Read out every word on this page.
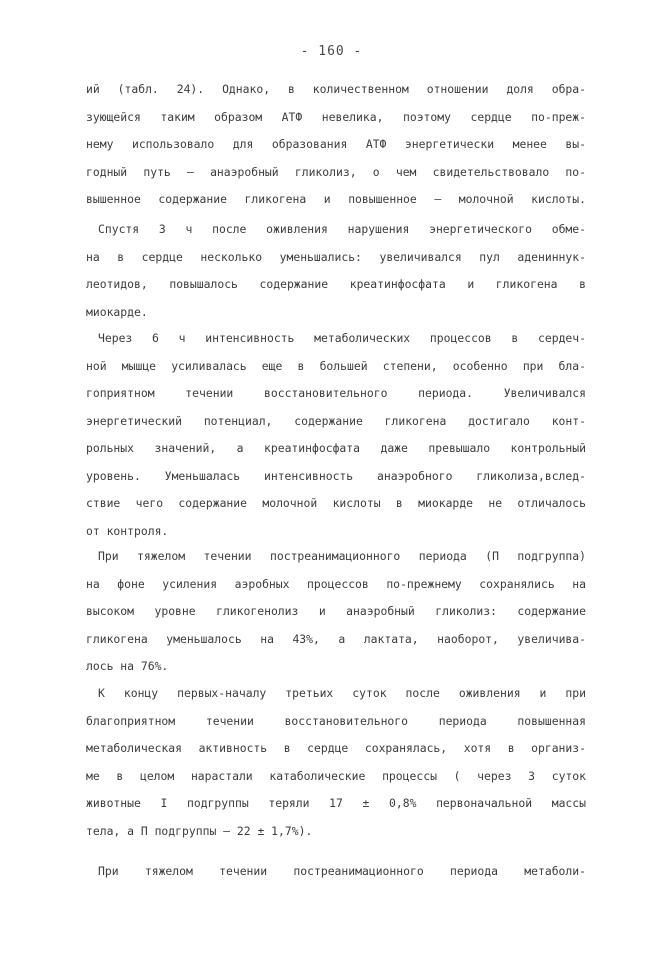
- 160 -
ий (табл. 24). Однако, в количественном отношении доля обра-
зующейся таким образом АТФ невелика, поэтому сердце по-преж-
нему использовало для образования АТФ энергетически менее вы-
годный путь – анаэробный гликолиз, о чем свидетельствовало по-
вышенное содержание гликогена и повышенное – молочной кислоты.
Спустя 3 ч после оживления нарушения энергетического обме-
на в сердце несколько уменьшались: увеличивался пул адениннук-
леотидов, повышалось содержание креатинфосфата и гликогена в
миокарде.
Через 6 ч интенсивность метаболических процессов в сердеч-
ной мышце усиливалась еще в большей степени, особенно при бла-
гоприятном течении восстановительного периода. Увеличивался
энергетический потенциал, содержание гликогена достигало конт-
рольных значений, а креатинфосфата даже превышало контрольный
уровень. Уменьшалась интенсивность анаэробного гликолиза,вслед-
ствие чего содержание молочной кислоты в миокарде не отличалось
от контроля.
При тяжелом течении постреанимационного периода (П подгруппа)
на фоне усиления аэробных процессов по-прежнему сохранялись на
высоком уровне гликогенолиз и анаэробный гликолиз: содержание
гликогена уменьшалось на 43%, а лактата, наоборот, увеличива-
лось на 76%.
К концу первых-началу третьих суток после оживления и при
благоприятном течении восстановительного периода повышенная
метаболическая активность в сердце сохранялась, хотя в организ-
ме в целом нарастали катаболические процессы ( через 3 суток
животные I подгруппы теряли 17 ± 0,8% первоначальной массы
тела, а П подгруппы – 22 ± 1,7%).
При тяжелом течении постреанимационного периода метаболи-
